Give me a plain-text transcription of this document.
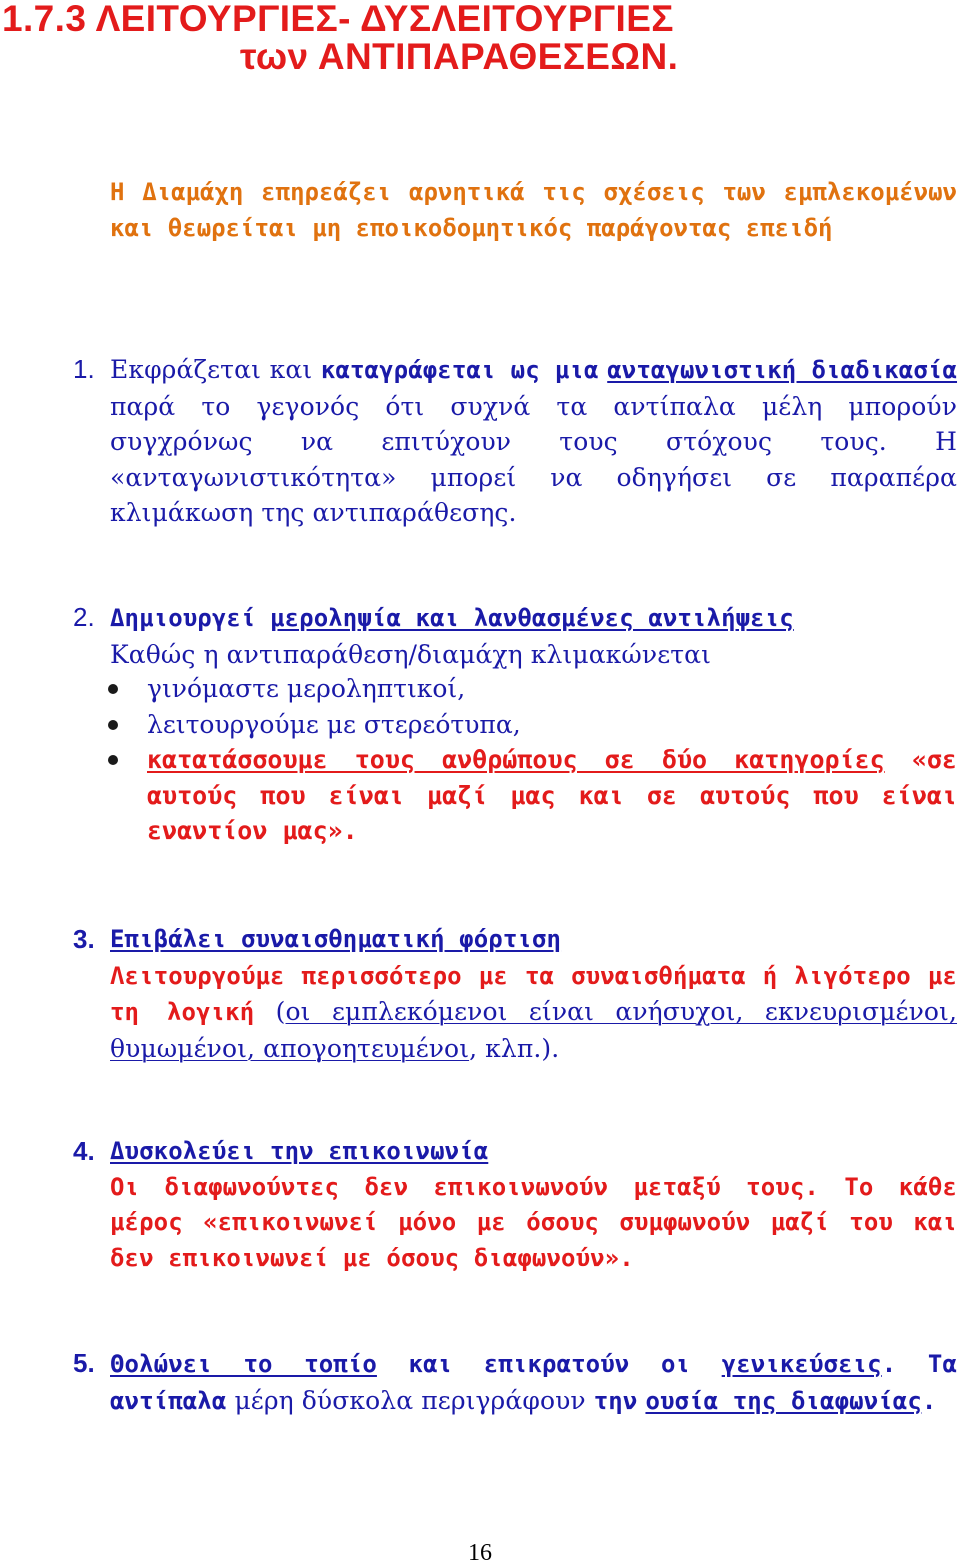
1.7.3 ΛΕΙΤΟΥΡΓΙΕΣ- ΔΥΣΛΕΙΤΟΥΡΓΙΕΣ
των ΑΝΤΙΠΑΡΑΘΕΣΕΩΝ.

Η Διαμάχη επηρεάζει αρνητικά τις σχέσεις των εμπλεκομένων και θεωρείται μη εποικοδομητικός παράγοντας επειδή

1. Εκφράζεται και καταγράφεται ως μια ανταγωνιστική διαδικασία παρά το γεγονός ότι συχνά τα αντίπαλα μέλη μπορούν συγχρόνως να επιτύχουν τους στόχους τους. Η «ανταγωνιστικότητα» μπορεί να οδηγήσει σε παραπέρα κλιμάκωση της αντιπαράθεσης.
2. Δημιουργεί μεροληψία και λανθασμένες αντιλήψεις
Καθώς η αντιπαράθεση/διαμάχη κλιμακώνεται
γινόμαστε μεροληπτικοί,
λειτουργούμε με στερεότυπα,
κατατάσσουμε τους ανθρώπους σε δύο κατηγορίες «σε αυτούς που είναι μαζί μας και σε αυτούς που είναι εναντίον μας».
3. Επιβάλει συναισθηματική φόρτιση
Λειτουργούμε περισσότερο με τα συναισθήματα ή λιγότερο με τη λογική (οι εμπλεκόμενοι είναι ανήσυχοι, εκνευρισμένοι, θυμωμένοι, απογοητευμένοι, κλπ.).
4. Δυσκολεύει την επικοινωνία
Οι διαφωνούντες δεν επικοινωνούν μεταξύ τους. Το κάθε μέρος «επικοινωνεί μόνο με όσους συμφωνούν μαζί του και δεν επικοινωνεί με όσους διαφωνούν».
5. Θολώνει το τοπίο και επικρατούν οι γενικεύσεις. Τα αντίπαλα μέρη δύσκολα περιγράφουν την ουσία της διαφωνίας.
16
